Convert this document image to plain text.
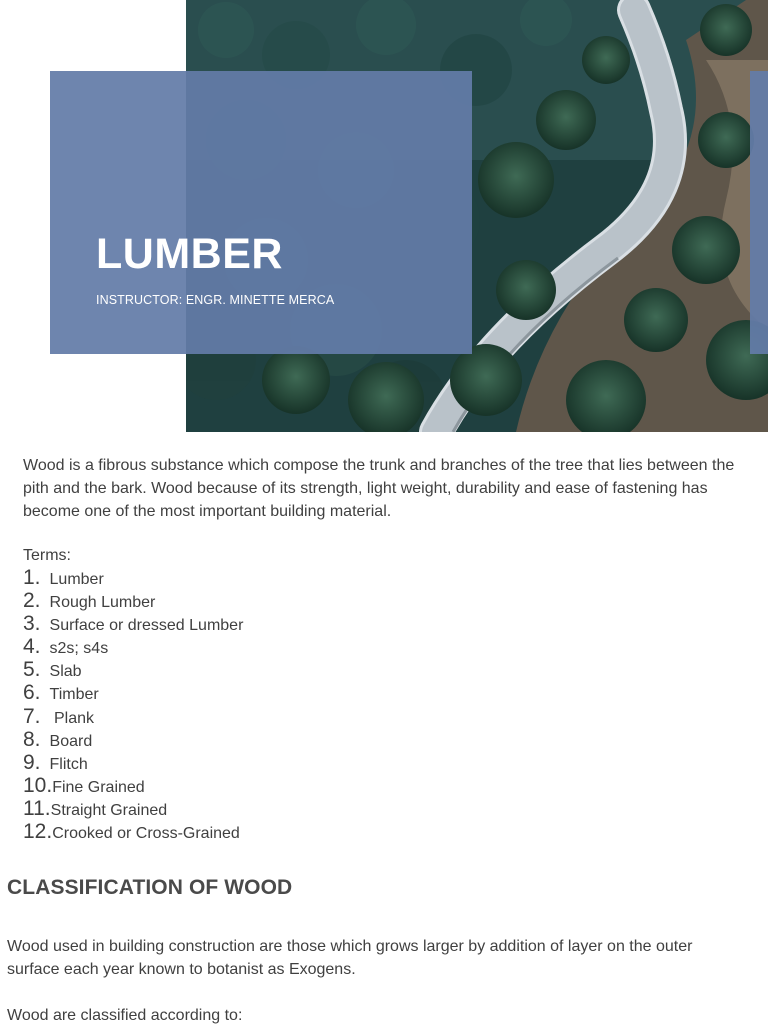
LUMBER

INSTRUCTOR: ENGR. MINETTE MERCA

Wood is a fibrous substance which compose the trunk and branches of the tree that lies between the pith and the bark. Wood because of its strength, light weight, durability and ease of fastening has become one of the most important building material.

Terms:

1. Lumber
2. Rough Lumber
3. Surface or dressed Lumber
4. s2s; s4s
5. Slab
6. Timber
7. Plank
8. Board
9. Flitch
10.Fine Grained
11.Straight Grained
12.Crooked or Cross-Grained
CLASSIFICATION OF WOOD

Wood used in building construction are those which grows larger by addition of layer on the outer surface each year known to botanist as Exogens.

Wood are classified according to:
